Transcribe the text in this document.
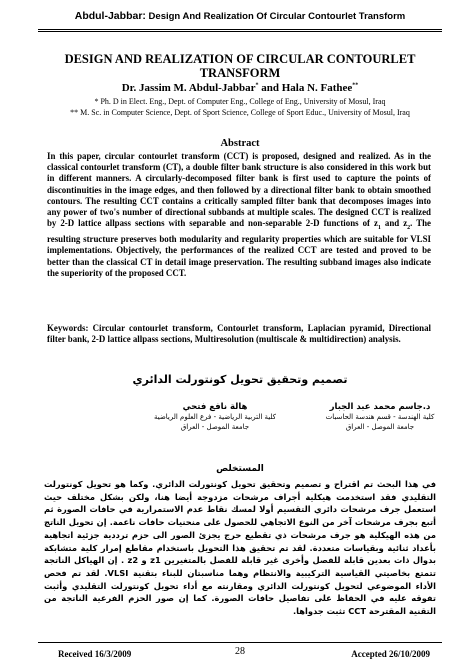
Abdul-Jabbar: Design And Realization Of Circular Contourlet Transform
DESIGN AND REALIZATION OF CIRCULAR CONTOURLET
TRANSFORM
Dr. Jassim M. Abdul-Jabbar* and Hala N. Fathee**
* Ph. D in Elect. Eng., Dept. of Computer Eng., College of Eng., University of Mosul, Iraq
** M. Sc. in Computer Science, Dept. of Sport Science, College of Sport Educ., University of Mosul, Iraq
Abstract
In this paper, circular contourlet transform (CCT) is proposed, designed and realized. As in the classical contourlet transform (CT), a double filter bank structure is also considered in this work but in different manners. A circularly-decomposed filter bank is first used to capture the points of discontinuities in the image edges, and then followed by a directional filter bank to obtain smoothed contours. The resulting CCT contains a critically sampled filter bank that decomposes images into any power of two's number of directional subbands at multiple scales. The designed CCT is realized by 2-D lattice allpass sections with separable and non-separable 2-D functions of $z_1$ and $z_2$. The resulting structure preserves both modularity and regularity properties which are suitable for VLSI implementations. Objectively, the performances of the realized CCT are tested and proved to be better than the classical CT in detail image preservation. The resulting subband images also indicate the superiority of the proposed CCT.
Keywords: Circular contourlet transform, Contourlet transform, Laplacian pyramid, Directional filter bank, 2-D lattice allpass sections, Multiresolution (multiscale & multidirection) analysis.
تصميم وتحقيق تحويل كونتورلت الدائري
د.جاسم محمد عبد الجبار
كلية الهندسة - قسم هندسة الحاسبات
جامعة الموصل - العراق
هالة نافع فتحي
كلية التربية الرياضية - فرع العلوم الرياضية
جامعة الموصل - العراق
المستخلص
في هذا البحث تم اقتراح و تصميم وتحقيق تحويل كونتورلت الدائري. وكما هو تحويل كونتورلت التقليدي فقد استخدمت هيكلية أجراف مرشحات مزدوجة أيضا هنا، ولكن بشكل مختلف حيث استعمل جرف مرشحات دائري التقسيم أولا لمسك نقاط عدم الاستمرارية في حافات الصورة ثم أتبع بجرف مرشحات آخر من النوع الاتجاهي للحصول على منحنيات حافات ناعمة. إن تحويل الناتج من هذه الهيكلية هو جرف مرشحات ذي تقطيع حرج يجزئ الصور الى حزم ترددية جزئية اتجاهية بأعداد ثنائية وبقياسات متعددة. لقد تم تحقيق هذا التحويل باستخدام مقاطع إمرار كلية متشابكة بدوال ذات بعدين قابلة للفصل وأخرى غير قابلة للفصل بالمتغيرين z1 و z2 . إن الهياكل الناتجة تتمتع بخاصيتي القياسية التركيبية والانتظام وهما مناسبتان للبناء بتقنية VLSI. لقد تم فحص الأداء الموضوعي لتحويل كونتورلت الدائري ومقارنته مع أداء تحويل كونتورلت التقليدي وأثبت تفوقه عليه في الحفاظ على تفاصيل حافات الصورة. كما إن صور الحزم الفرعية الناتجة من التقنية المقترحة CCT تثبت جدواها.
Received 16/3/2009	28	Accepted 26/10/2009
